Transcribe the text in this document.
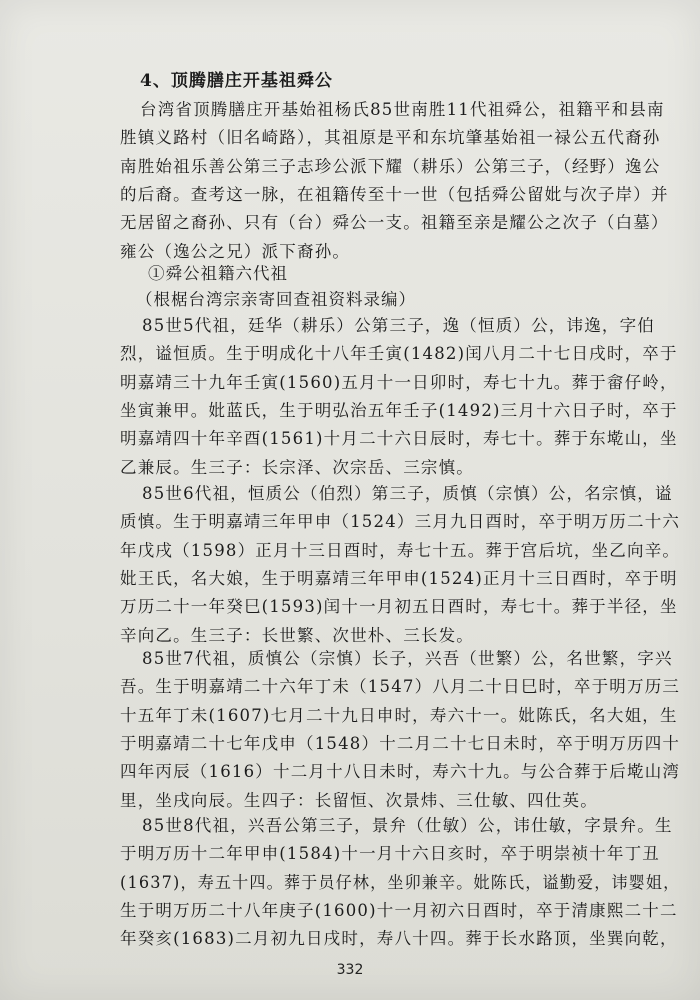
4、顶腾膳庄开基祖舜公
台湾省顶腾膳庄开基始祖杨氏85世南胜11代祖舜公，祖籍平和县南
胜镇义路村（旧名崎路），其祖原是平和东坑肇基始祖一禄公五代裔孙
南胜始祖乐善公第三子志珍公派下耀（耕乐）公第三子，（经野）逸公
的后裔。查考这一脉，在祖籍传至十一世（包括舜公留妣与次子岸）并
无居留之裔孙、只有（台）舜公一支。祖籍至亲是耀公之次子（白墓）
雍公（逸公之兄）派下裔孙。
①舜公祖籍六代祖
（根椐台湾宗亲寄回查祖资料录编）
85世5代祖，廷华（耕乐）公第三子，逸（恒质）公，讳逸，字伯
烈，谥恒质。生于明成化十八年壬寅(1482)闰八月二十七日戌时，卒于
明嘉靖三十九年壬寅(1560)五月十一日卯时，寿七十九。葬于畲仔岭，
坐寅兼甲。妣蓝氏，生于明弘治五年壬子(1492)三月十六日子时，卒于
明嘉靖四十年辛酉(1561)十月二十六日辰时，寿七十。葬于东墘山，坐
乙兼辰。生三子：长宗泽、次宗岳、三宗慎。
85世6代祖，恒质公（伯烈）第三子，质慎（宗慎）公，名宗慎，谥
质慎。生于明嘉靖三年甲申（1524）三月九日酉时，卒于明万历二十六
年戊戌（1598）正月十三日酉时，寿七十五。葬于宫后坑，坐乙向辛。
妣王氏，名大娘，生于明嘉靖三年甲申(1524)正月十三日酉时，卒于明
万历二十一年癸巳(1593)闰十一月初五日酉时，寿七十。葬于半径，坐
辛向乙。生三子：长世繁、次世朴、三长发。
85世7代祖，质慎公（宗慎）长子，兴吾（世繁）公，名世繁，字兴
吾。生于明嘉靖二十六年丁未（1547）八月二十日巳时，卒于明万历三
十五年丁未(1607)七月二十九日申时，寿六十一。妣陈氏，名大姐，生
于明嘉靖二十七年戊申（1548）十二月二十七日未时，卒于明万历四十
四年丙辰（1616）十二月十八日未时，寿六十九。与公合葬于后墘山湾
里，坐戌向辰。生四子：长留恒、次景炜、三仕敏、四仕英。
85世8代祖，兴吾公第三子，景弁（仕敏）公，讳仕敏，字景弁。生
于明万历十二年甲申(1584)十一月十六日亥时，卒于明崇祯十年丁丑
(1637)，寿五十四。葬于员仔林，坐卯兼辛。妣陈氏，谥勤爱，讳婴姐，
生于明万历二十八年庚子(1600)十一月初六日酉时，卒于清康熙二十二
年癸亥(1683)二月初九日戌时，寿八十四。葬于长水路顶，坐巽向乾，
332
